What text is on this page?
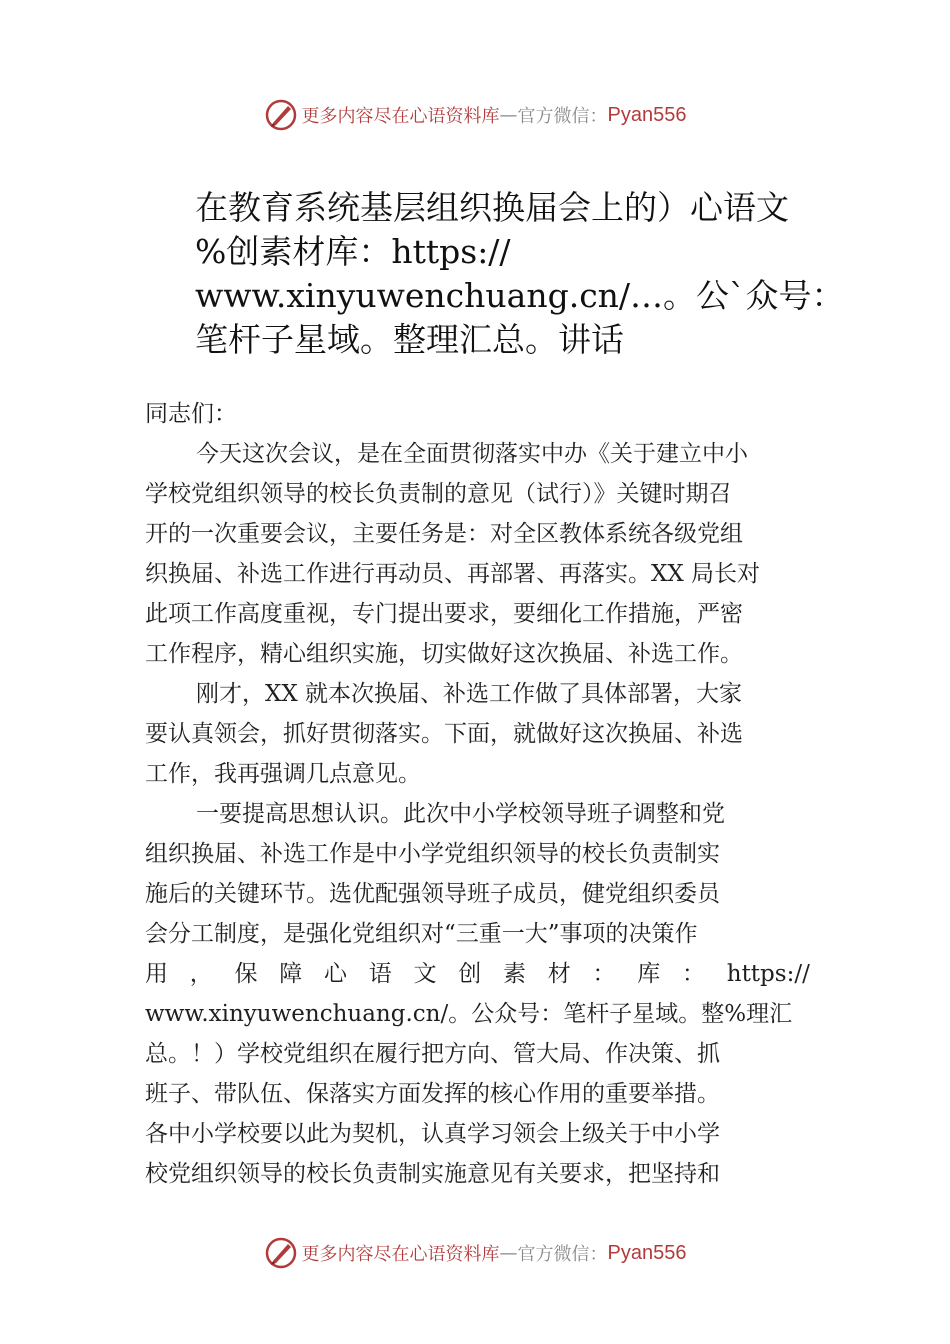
更多内容尽在心语资料库 — 官方微信： Pyan556
在教育系统基层组织换届会上的）心语文
%创素材库：https://
www.xinyuwenchuang.cn/…。公`众号：
笔杆子星域。整理汇总。讲话
同志们：
今天这次会议，是在全面贯彻落实中办《关于建立中小
学校党组织领导的校长负责制的意见（试行）》关键时期召
开的一次重要会议，主要任务是：对全区教体系统各级党组
织换届、补选工作进行再动员、再部署、再落实。XX 局长对
此项工作高度重视，专门提出要求，要细化工作措施，严密
工作程序，精心组织实施，切实做好这次换届、补选工作。
刚才，XX 就本次换届、补选工作做了具体部署，大家
要认真领会，抓好贯彻落实。下面，就做好这次换届、补选
工作，我再强调几点意见。
一要提高思想认识。此次中小学校领导班子调整和党
组织换届、补选工作是中小学党组织领导的校长负责制实
施后的关键环节。选优配强领导班子成员，健党组织委员
会分工制度，是强化党组织对“三重一大”事项的决策作
用 ， 保 障 心 语 文 创 素 材 ： 库 ： https://
www.xinyuwenchuang.cn/。公众号：笔杆子星域。整%理汇
总。！）学校党组织在履行把方向、管大局、作决策、抓
班子、带队伍、保落实方面发挥的核心作用的重要举措。
各中小学校要以此为契机，认真学习领会上级关于中小学
校党组织领导的校长负责制实施意见有关要求，把坚持和
更多内容尽在心语资料库 — 官方微信： Pyan556
